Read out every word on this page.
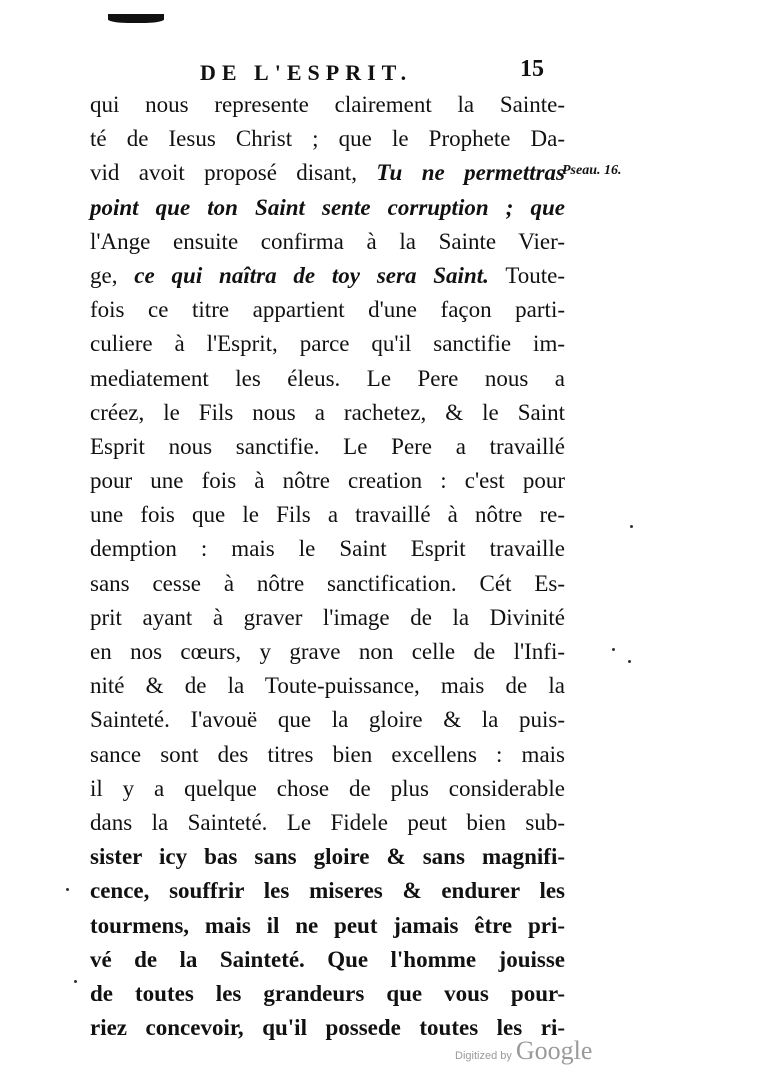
DE L'ESPRIT.	15
Pseau. 16.
qui nous represente clairement la Sainte-
té de Iesus Christ ; que le Prophete Da-
vid avoit proposé disant, Tu ne permettras
point que ton Saint sente corruption ; que
l'Ange ensuite confirma à la Sainte Vier-
ge, ce qui naîtra de toy sera Saint. Toute-
fois ce titre appartient d'une façon parti-
culiere à l'Esprit, parce qu'il sanctifie im-
mediatement les éleus. Le Pere nous a
créez, le Fils nous a rachetez, & le Saint
Esprit nous sanctifie. Le Pere a travaillé
pour une fois à nôtre creation : c'est pour
une fois que le Fils a travaillé à nôtre re-
demption : mais le Saint Esprit travaille
sans cesse à nôtre sanctification. Cét Es-
prit ayant à graver l'image de la Divinité
en nos cœurs, y grave non celle de l'Infi-
nité & de la Toute-puissance, mais de la
Sainteté. I'avouë que la gloire & la puis-
sance sont des titres bien excellens : mais
il y a quelque chose de plus considerable
dans la Sainteté. Le Fidele peut bien sub-
sister icy bas sans gloire & sans magnifi-
cence, souffrir les miseres & endurer les
tourmens, mais il ne peut jamais être pri-
vé de la Sainteté. Que l'homme jouisse
de toutes les grandeurs que vous pour-
riez concevoir, qu'il possede toutes les ri-
Digitized by Google
